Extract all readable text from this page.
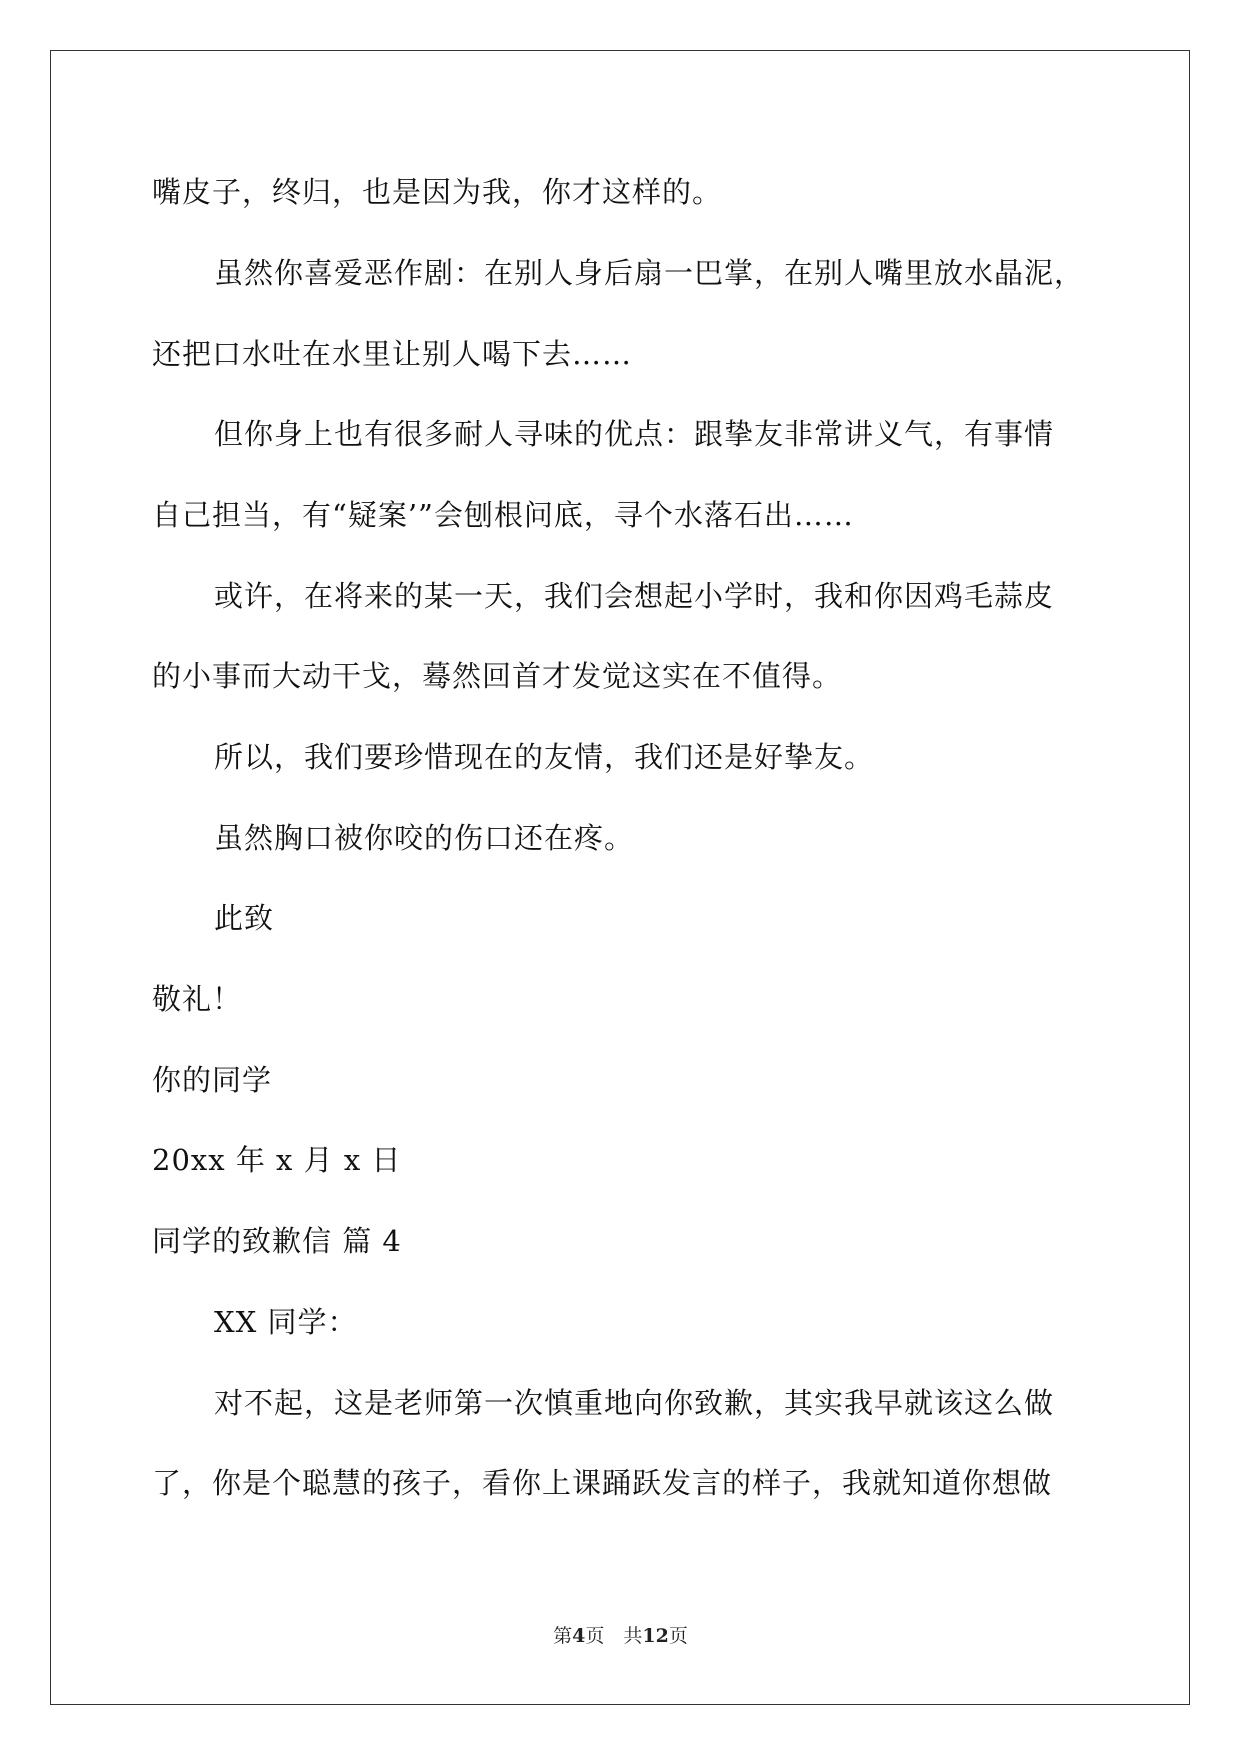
嘴皮子，终归，也是因为我，你才这样的。
虽然你喜爱恶作剧：在别人身后扇一巴掌，在别人嘴里放水晶泥，
还把口水吐在水里让别人喝下去……
但你身上也有很多耐人寻味的优点：跟挚友非常讲义气，有事情
自己担当，有“疑案’”会刨根问底，寻个水落石出……
或许，在将来的某一天，我们会想起小学时，我和你因鸡毛蒜皮
的小事而大动干戈，蓦然回首才发觉这实在不值得。
所以，我们要珍惜现在的友情，我们还是好挚友。
虽然胸口被你咬的伤口还在疼。
此致
敬礼！
你的同学
20xx 年 x 月 x 日
同学的致歉信 篇 4
XX 同学：
对不起，这是老师第一次慎重地向你致歉，其实我早就该这么做
了，你是个聪慧的孩子，看你上课踊跃发言的样子，我就知道你想做
第4页　共12页
